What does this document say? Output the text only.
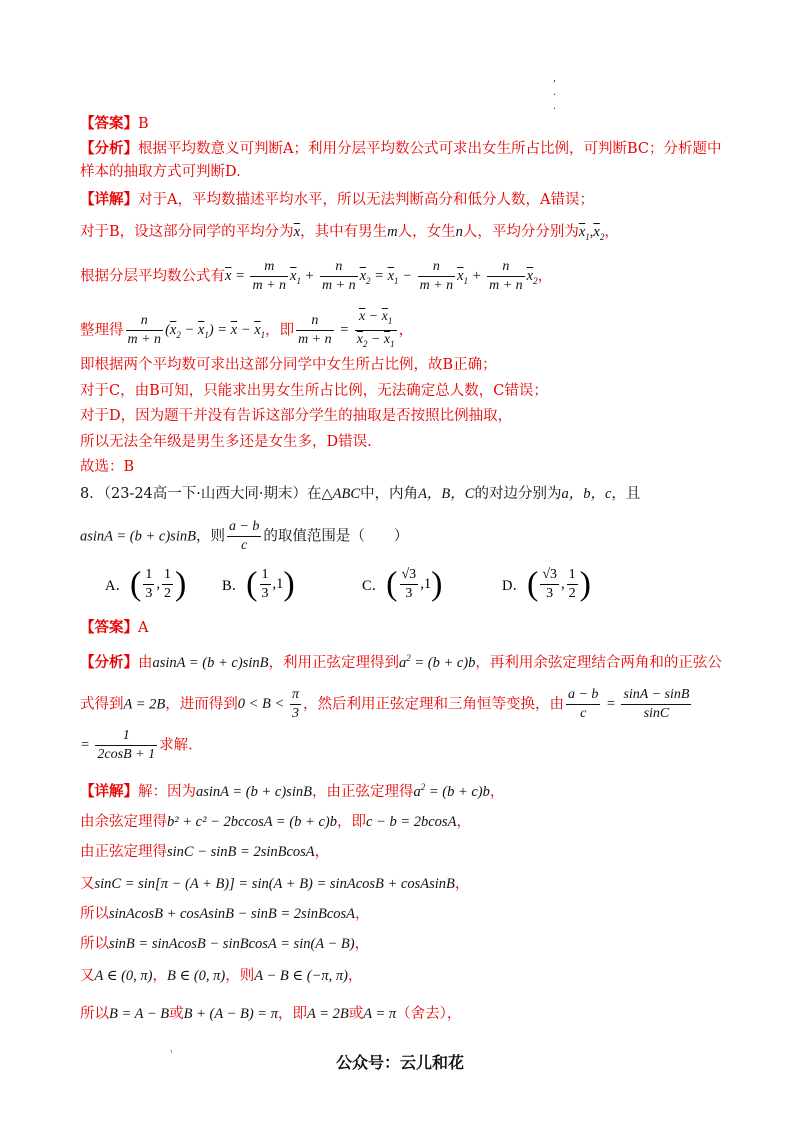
,
.
.
【答案】B
【分析】根据平均数意义可判断A；利用分层平均数公式可求出女生所占比例，可判断BC；分析题中
样本的抽取方式可判断D.
【详解】对于A，平均数描述平均水平，所以无法判断高分和低分人数，A错误；
对于B，设这部分同学的平均分为$\overline{x}$，其中有男生m人，女生n人，平均分分别为$\overline{x}_1,\overline{x}_2$，
根据分层平均数公式有$\overline{x} = \frac{m}{m + n} \overline{x}_1 + \frac{n}{m + n} \overline{x}_2 = \overline{x}_1 - \frac{n}{m + n} \overline{x}_1 + \frac{n}{m + n} \overline{x}_2$，
整理得 $\frac{n}{m + n} (\overline{x}_2 - \overline{x}_1) = \overline{x} - \overline{x}_1$，即 $\frac{n}{m + n} = \frac{\overline{x} - \overline{x}_1}{\overline{x}_2 - \overline{x}_1}$ ，
即根据两个平均数可求出这部分同学中女生所占比例，故B正确；
对于C，由B可知，只能求出男女生所占比例，无法确定总人数，C错误；
对于D，因为题干并没有告诉这部分学生的抽取是否按照比例抽取，
所以无法全年级是男生多还是女生多，D错误.
故选：B
8．（23-24高一下·山西大同·期末）在△ABC中，内角A，B，C的对边分别为a，b，c，且
asinA = (b + c)sinB，则 $\frac{a - b}{c}$ 的取值范围是（　　）
A．( $\frac{1}{3}$ , $\frac{1}{2}$ ) B．( $\frac{1}{3} ,1$)	C．( $\frac{√3}{3} ,1$)	D．( $\frac{√3}{3}$ , $\frac{1}{2}$ )
【答案】A
【分析】由asinA = (b + c)sinB，利用正弦定理得到$a^2 = (b + c)b$，再利用余弦定理结合两角和的正弦公
式得到A = 2B，进而得到$0 < B < \frac{\pi}{3}$ ，然后利用正弦定理和三角恒等变换，由 $\frac{a - b}{c} = \frac{\sin A - \sin B}{\sin C}$
= $\frac{1}{2\cos B + 1}$ 求解.
【详解】解：因为asinA = (b + c)sinB，由正弦定理得$a^2 = (b + c)b$，
由余弦定理得b² + c² − 2bccosA = (b + c)b，即c − b = 2bcosA，
由正弦定理得sinC − sinB = 2sinBcosA，
又sinC = sin[π − (A + B)] = sin(A + B) = sinAcosB + cosAsinB，
所以sinAcosB + cosAsinB − sinB = 2sinBcosA，
所以sinB = sinAcosB − sinBcosA = sin(A − B)，
又A ∈ (0, π)，B ∈ (0, π)，则A − B ∈ (−π, π)，
所以B = A − B或B + (A − B) = π，即A = 2B或A = π（舍去），
'	公众号：云儿和花
